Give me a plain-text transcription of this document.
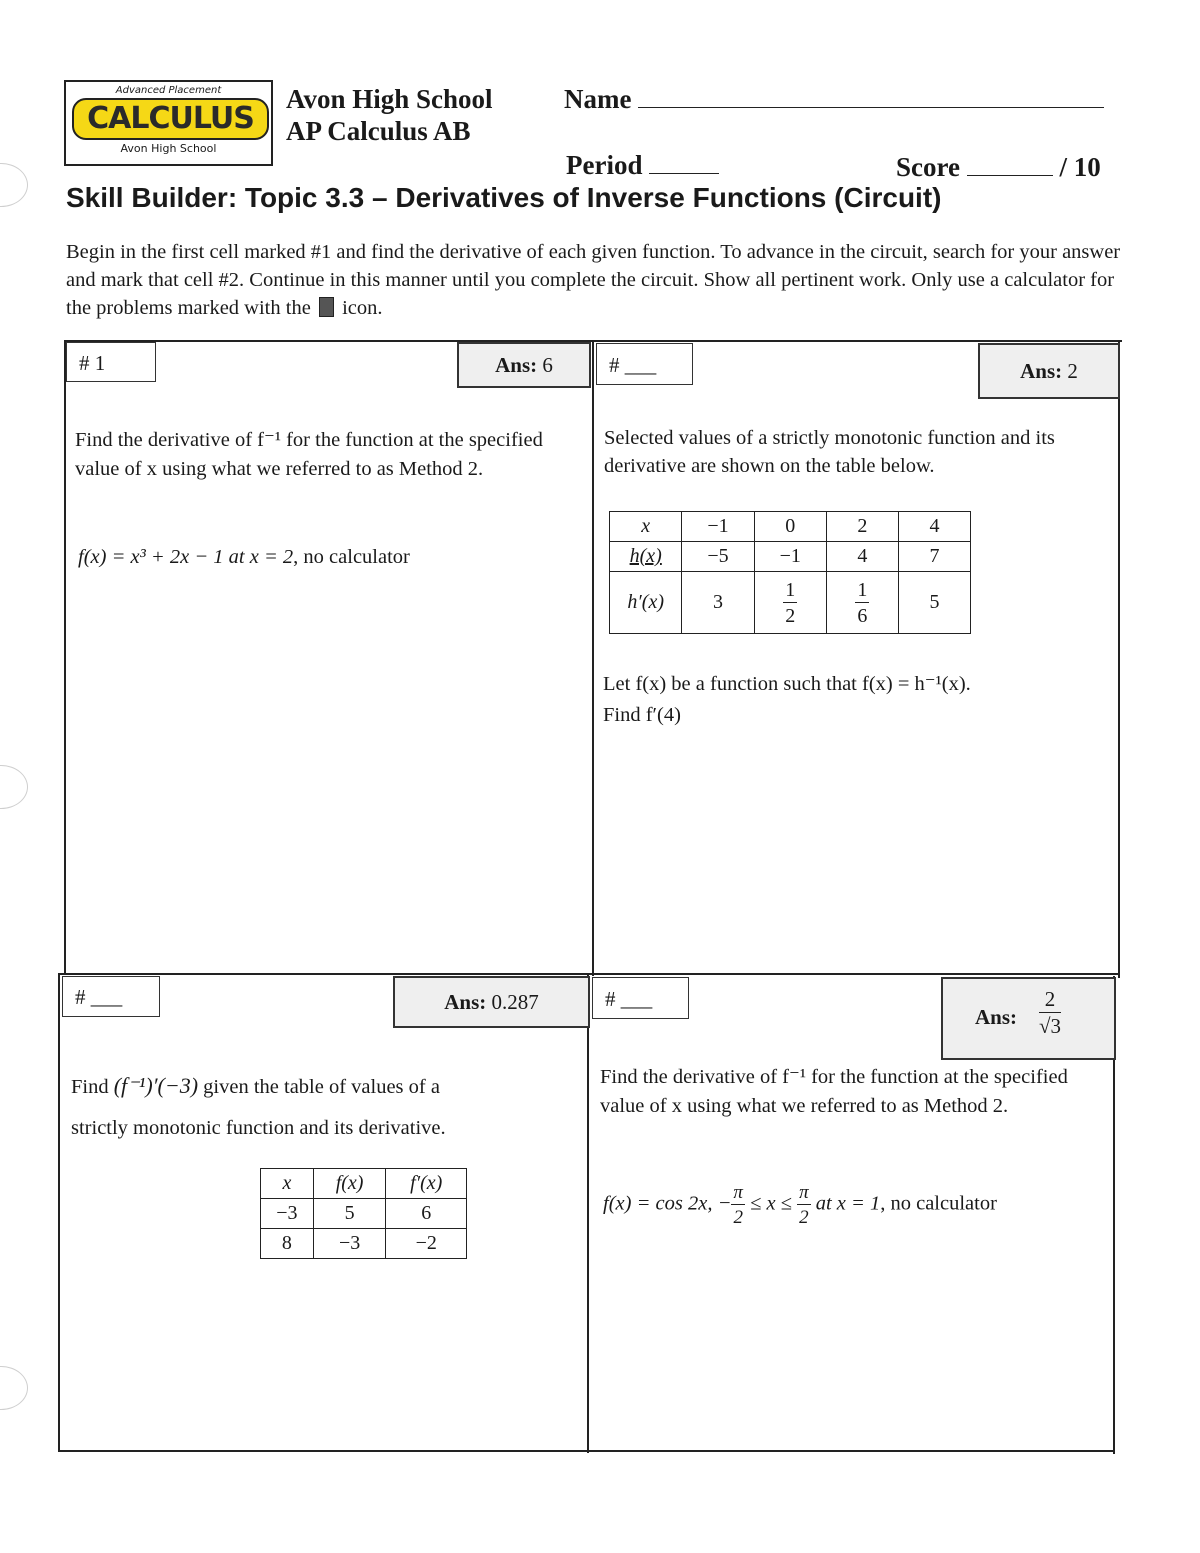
Advanced Placement
CALCULUS
Avon High School
Avon High School
AP Calculus AB
Name
Period	Score	/ 10
Skill Builder: Topic 3.3 – Derivatives of Inverse Functions (Circuit)
Begin in the first cell marked #1 and find the derivative of each given function. To advance in the circuit, search for your answer and mark that cell #2. Continue in this manner until you complete the circuit. Show all pertinent work. Only use a calculator for the problems marked with the icon.
# 1	Ans: 6
Find the derivative of f⁻¹ for the function at the specified value of x using what we referred to as Method 2.
f(x) = x³ + 2x − 1 at x = 2, no calculator
# ___	Ans: 2
Selected values of a strictly monotonic function and its derivative are shown on the table below.
x	−1	0	2	4
h(x)	−5	−1	4	7
h′(x)	3	$\frac{1}{2}$	$\frac{1}{6}$	5
Let f(x) be a function such that f(x) = h⁻¹(x).
Find f′(4)
# ___	Ans: 0.287
Find (f⁻¹)′(−3) given the table of values of a
strictly monotonic function and its derivative.
x	f(x)	f′(x)
−3	5	6
8	−3	−2
# ___
Ans: $\frac{2}{√3}$
Find the derivative of f⁻¹ for the function at the specified value of x using what we referred to as Method 2.
f(x) = cos 2x, − $\frac{\pi}{2} \le x \le \frac{\pi}{2}$ at x = 1, no calculator
